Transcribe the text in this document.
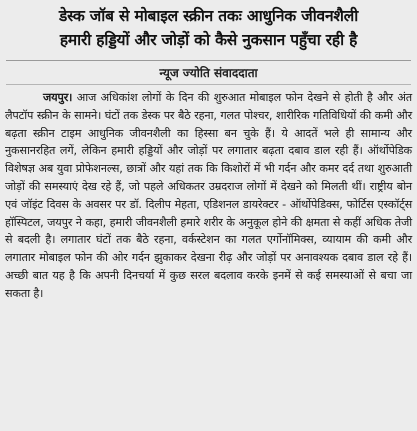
डेस्क जॉब से मोबाइल स्क्रीन तकः आधुनिक जीवनशैली
हमारी हड्डियों और जोड़ों को कैसे नुकसान पहुँचा रही है
न्यूज ज्योति संवाददाता

जयपुर। आज अधिकांश लोगों के दिन की शुरुआत मोबाइल फोन देखने से होती है और अंत लैपटॉप स्क्रीन के सामने। घंटों तक डेस्क पर बैठे रहना, गलत पोश्चर, शारीरिक गतिविधियों की कमी और बढ़ता स्क्रीन टाइम आधुनिक जीवनशैली का हिस्सा बन चुके हैं। ये आदतें भले ही सामान्य और नुकसानरहित लगें, लेकिन हमारी हड्डियों और जोड़ों पर लगातार बढ़ता दबाव डाल रही हैं। ऑर्थोपेडिक विशेषज्ञ अब युवा प्रोफेशनल्स, छात्रों और यहां तक कि किशोरों में भी गर्दन और कमर दर्द तथा शुरुआती जोड़ों की समस्याएं देख रहे हैं, जो पहले अधिकतर उम्रदराज लोगों में देखने को मिलती थीं। राष्ट्रीय बोन एवं जॉइंट दिवस के अवसर पर डॉ. दिलीप मेहता, एडिशनल डायरेक्टर - ऑर्थोपेडिक्स, फोर्टिस एस्कॉर्ट्स हॉस्पिटल, जयपुर ने कहा, हमारी जीवनशैली हमारे शरीर के अनुकूल होने की क्षमता से कहीं अधिक तेजी से बदली है। लगातार घंटों तक बैठे रहना, वर्कस्टेशन का गलत एर्गोनॉमिक्स, व्यायाम की कमी और लगातार मोबाइल फोन की ओर गर्दन झुकाकर देखना रीढ़ और जोड़ों पर अनावश्यक दबाव डाल रहे हैं। अच्छी बात यह है कि अपनी दिनचर्या में कुछ सरल बदलाव करके इनमें से कई समस्याओं से बचा जा सकता है।
